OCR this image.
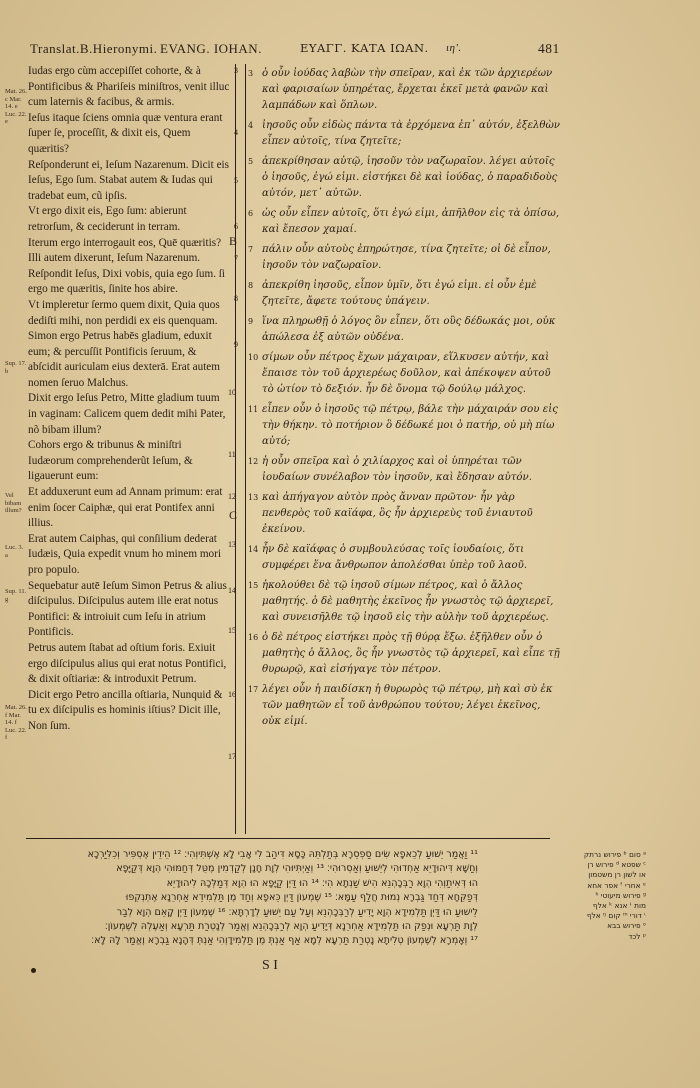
Translat.B.Hieronymi. EVANG. IOHAN.	ΕΥΑΓΓ. ΚΑΤΑ ΙΩΑΝ. ιη'.	481
Mat. 26. c Mar. 14. e Luc. 22. e
Sup. 17. b
Vel bibam illum?
Luc. 3. a
Sup. 11. g
Mat. 26. f Mar. 14. f Luc. 22. f

Iudas ergo cùm accepiſſet cohorte, & à Pontificibus & Phariſeis miniſtros, venit illuc cum laternis & facibus, & armis.

Ieſus itaque ſciens omnia quæ ventura erant ſuper ſe, proceſſit, & dixit eis, Quem quæritis?

Reſponderunt ei, Ieſum Nazarenum. Dicit eis Ieſus, Ego ſum. Stabat autem & Iudas qui tradebat eum, cũ ipſis.

Vt ergo dixit eis, Ego ſum: abierunt retrorſum, & ceciderunt in terram.

Iterum ergo interrogauit eos, Quē quæritis? Illi autem dixerunt, Ieſum Nazarenum.

Reſpondit Ieſus, Dixi vobis, quia ego ſum. ſi ergo me quæritis, ſinite hos abire.

Vt impleretur ſermo quem dixit, Quia quos dediſti mihi, non perdidi ex eis quenquam.

Simon ergo Petrus habēs gladium, eduxit eum; & percuſſit Pontificis ſeruum, & abſcidit auriculam eius dexterā. Erat autem nomen ſeruo Malchus.

Dixit ergo Ieſus Petro, Mitte gladium tuum in vaginam: Calicem quem dedit mihi Pater, nõ bibam illum?

Cohors ergo & tribunus & miniſtri Iudæorum comprehenderũt Ieſum, & ligauerunt eum:

Et adduxerunt eum ad Annam primum: erat enim ſocer Caiphæ, qui erat Pontifex anni illius.

Erat autem Caiphas, qui conſilium dederat Iudæis, Quia expedit vnum ho minem mori pro populo.

Sequebatur autē Ieſum Simon Petrus & alius diſcipulus. Diſcipulus autem ille erat notus Pontifici: & introiuit cum Ieſu in atrium Pontificis.

Petrus autem ſtabat ad oſtium foris. Exiuit ergo diſcipulus alius qui erat notus Pontifici, & dixit oſtiariæ: & introduxit Petrum.

Dicit ergo Petro ancilla oſtiaria, Nunquid & tu ex diſcipulis es hominis iſtius? Dicit ille, Non ſum.

3
4
5
6
7
8
9
10
11
12
13
14
15
16
17
B
C

3 ὁ οὖν ἰούδας λαβὼν τὴν σπεῖραν, καὶ ἐκ τῶν ἀρχιερέων καὶ φαρισαίων ὑπηρέτας, ἔρχεται ἐκεῖ μετὰ φανῶν καὶ λαμπάδων καὶ ὅπλων.

4 ἰησοῦς οὖν εἰδὼς πάντα τὰ ἐρχόμενα ἐπ᾽ αὐτόν, ἐξελθὼν εἶπεν αὐτοῖς, τίνα ζητεῖτε;

5 ἀπεκρίθησαν αὐτῷ, ἰησοῦν τὸν ναζωραῖον. λέγει αὐτοῖς ὁ ἰησοῦς, ἐγώ εἰμι. εἱστήκει δὲ καὶ ἰούδας, ὁ παραδιδοὺς αὐτόν, μετ᾽ αὐτῶν.

6 ὡς οὖν εἶπεν αὐτοῖς, ὅτι ἐγώ εἰμι, ἀπῆλθον εἰς τὰ ὀπίσω, καὶ ἔπεσον χαμαί.

7 πάλιν οὖν αὐτοὺς ἐπηρώτησε, τίνα ζητεῖτε; οἱ δὲ εἶπον, ἰησοῦν τὸν ναζωραῖον.

8 ἀπεκρίθη ἰησοῦς, εἶπον ὑμῖν, ὅτι ἐγώ εἰμι. εἰ οὖν ἐμὲ ζητεῖτε, ἄφετε τούτους ὑπάγειν.

9 ἵνα πληρωθῇ ὁ λόγος ὃν εἶπεν, ὅτι οὓς δέδωκάς μοι, οὐκ ἀπώλεσα ἐξ αὐτῶν οὐδένα.

10 σίμων οὖν πέτρος ἔχων μάχαιραν, εἵλκυσεν αὐτήν, καὶ ἔπαισε τὸν τοῦ ἀρχιερέως δοῦλον, καὶ ἀπέκοψεν αὐτοῦ τὸ ὠτίον τὸ δεξιόν. ἦν δὲ ὄνομα τῷ δούλῳ μάλχος.

11 εἶπεν οὖν ὁ ἰησοῦς τῷ πέτρῳ, βάλε τὴν μάχαιράν σου εἰς τὴν θήκην. τὸ ποτήριον ὃ δέδωκέ μοι ὁ πατήρ, οὐ μὴ πίω αὐτό;

12 ἡ οὖν σπεῖρα καὶ ὁ χιλίαρχος καὶ οἱ ὑπηρέται τῶν ἰουδαίων συνέλαβον τὸν ἰησοῦν, καὶ ἔδησαν αὐτόν.

13 καὶ ἀπήγαγον αὐτὸν πρὸς ἄνναν πρῶτον· ἦν γὰρ πενθερὸς τοῦ καϊάφα, ὃς ἦν ἀρχιερεὺς τοῦ ἐνιαυτοῦ ἐκείνου.

14 ἦν δὲ καϊάφας ὁ συμβουλεύσας τοῖς ἰουδαίοις, ὅτι συμφέρει ἕνα ἄνθρωπον ἀπολέσθαι ὑπὲρ τοῦ λαοῦ.

15 ἠκολούθει δὲ τῷ ἰησοῦ σίμων πέτρος, καὶ ὁ ἄλλος μαθητής. ὁ δὲ μαθητὴς ἐκεῖνος ἦν γνωστὸς τῷ ἀρχιερεῖ, καὶ συνεισῆλθε τῷ ἰησοῦ εἰς τὴν αὐλὴν τοῦ ἀρχιερέως.

16 ὁ δὲ πέτρος εἱστήκει πρὸς τῇ θύρᾳ ἔξω. ἐξῆλθεν οὖν ὁ μαθητὴς ὁ ἄλλος, ὃς ἦν γνωστὸς τῷ ἀρχιερεῖ, καὶ εἶπε τῇ θυρωρῷ, καὶ εἰσήγαγε τὸν πέτρον.

17 λέγει οὖν ἡ παιδίσκη ἡ θυρωρὸς τῷ πέτρῳ, μὴ καὶ σὺ ἐκ τῶν μαθητῶν εἶ τοῦ ἀνθρώπου τούτου; λέγει ἐκεῖνος, οὐκ εἰμί.

¹¹ וַאֲמַר יֵשׁוּעַ לְכֵאפָא שִׂים סַפְסֵרָא בְּתַלְתֵּהּ כָּסָא דִּיהַב לִי אָבִי לָא אֶשְׁתִּיוְהִי׃ ¹² הֵידֵין אֶסְפִּיר וְכִלִּיַרְכָא

וְחַשָּׁא דִּיהוּדָיֵא אַחְדוּהִי לְיֵשׁוּעַ וְאַסְרוּהִי׃ ¹³ וְאַיְתִּיוּהִי לְוָת חָנָן לְקַדְמִין מֶטֻּל דְּחַמּוּהִי הְוָא דְּקַיָּפָא

הוּ דְּאִיתַוְהִי הְוָא רַבְּכָהְנֵא הִישׁ שַׁנְתָא הִי׃ ¹⁴ הוּ דַּיְן קַיָּפָא הוּ הְוָא דְּמַלְּכָהּ לִיהוּדָיֵא

דְּפַקֵּחָא דְּחַד גַּבְרָא נְמוּת חֲלַף עַמָּא׃ ¹⁵ שֶׁמְעוֹן דַּיְן כֵּאפָא וְחַד מֶן תַּלְמִידֵא אַחְרֵנָא אֶתְנְקִפוּ

לֵישׁוּעַ הוּ דַּיְן תַּלְמִידָא הְוָא יָדִיעַ לְרַבְּכָהְנֵא וְעַל עַם יֵשׁוּעַ לְדָרְתָּא׃ ¹⁶ שֶׁמְעוֹן דַּיְן קָאֵם הְוָא לְבַר

לְוָת תַּרְעָא וּנְפַק הוּ תַּלְמִידָא אַחְרֵנָא דְּיָדִיעַ הְוָא לְרַבְּכָהְנֵא וֶאֱמַר לְנָטְרַת תַּרְעָא וְאַעֶלְהּ לְשֶׁמְעוֹן׃

¹⁷ וְאָמְרָא לְשֶׁמְעוֹן טְלִיתָא נָטְרַת תַּרְעָא לְמָא אַף אַנְתְּ מֶן תַּלְמִידָוְהִי אַנְתְּ דְּהָנָא גַבְרָא וֶאֱמַר לָהּ לָא׃

ᵃ סום ᵇ פירוש נרתק

ᶜ שפטא ᵈ פירוש רן

או לשון רן משטמון

ᵉ אחרי ᶠ אפר אחא

ᵍ פירוש מיעוטי ʰ

מות ᶤ אנא ᵏ אלף

ᶥ דורי ᵐ קום ᵑ אלף

ᵒ פירוש בבא

ᵖ לכד

S I
